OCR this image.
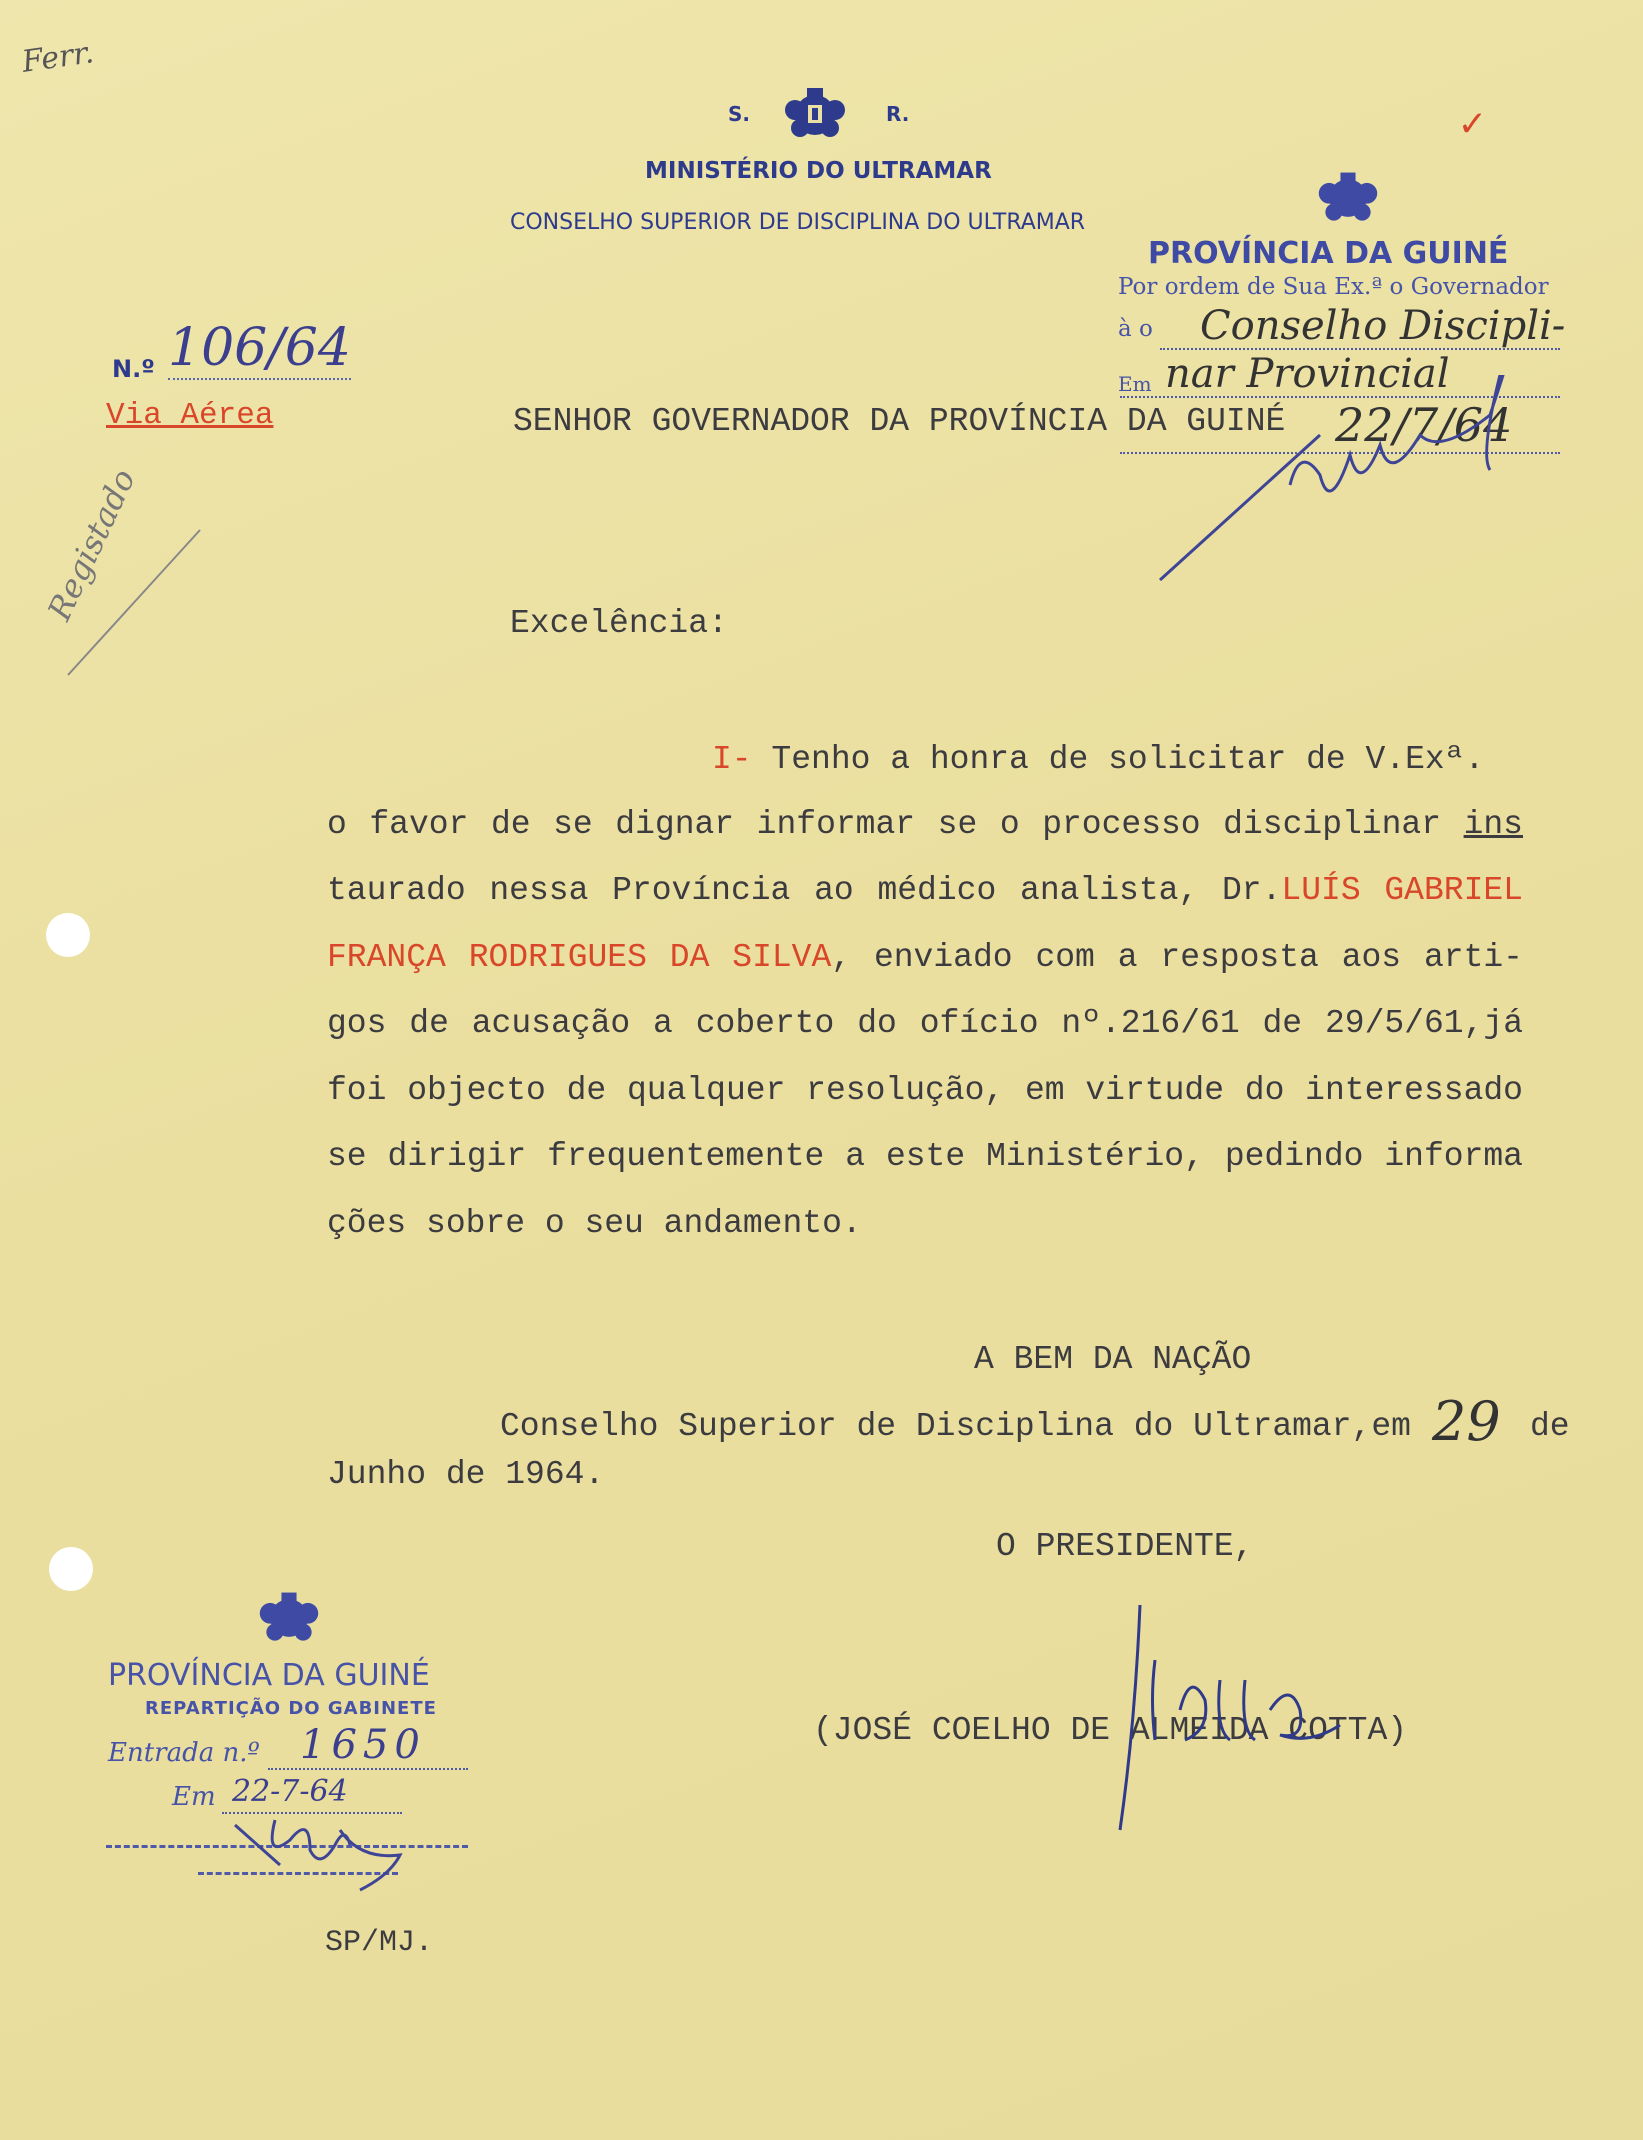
Ferr.
✓
S.	R.
MINISTÉRIO DO ULTRAMAR
CONSELHO SUPERIOR DE DISCIPLINA DO ULTRAMAR
N.º 106/64
Via Aérea
Registado
SENHOR GOVERNADOR DA PROVÍNCIA DA GUINÉ
PROVÍNCIA DA GUINÉ
Por ordem de Sua Ex.ª o Governador
à o Conselho Discipli-
nar Provincial
Em
22/7/64
Excelência:
I- Tenho a honra de solicitar de V.Exª.
o favor de se dignar informar se o processo disciplinar ins
taurado nessa Província ao médico analista, Dr.LUÍS GABRIEL
FRANÇA RODRIGUES DA SILVA, enviado com a resposta aos arti-
gos de acusação a coberto do ofício nº.216/61 de 29/5/61,já
foi objecto de qualquer resolução, em virtude do interessado
se dirigir frequentemente a este Ministério, pedindo informa
ções sobre o seu andamento.
A BEM DA NAÇÃO
Conselho Superior de Disciplina do Ultramar,em 29 de
Junho de 1964.
O PRESIDENTE,
(JOSÉ COELHO DE ALMEIDA COTTA)
PROVÍNCIA DA GUINÉ
REPARTIÇÃO DO GABINETE
Entrada n.º 1650
Em 22-7-64
SP/MJ.
